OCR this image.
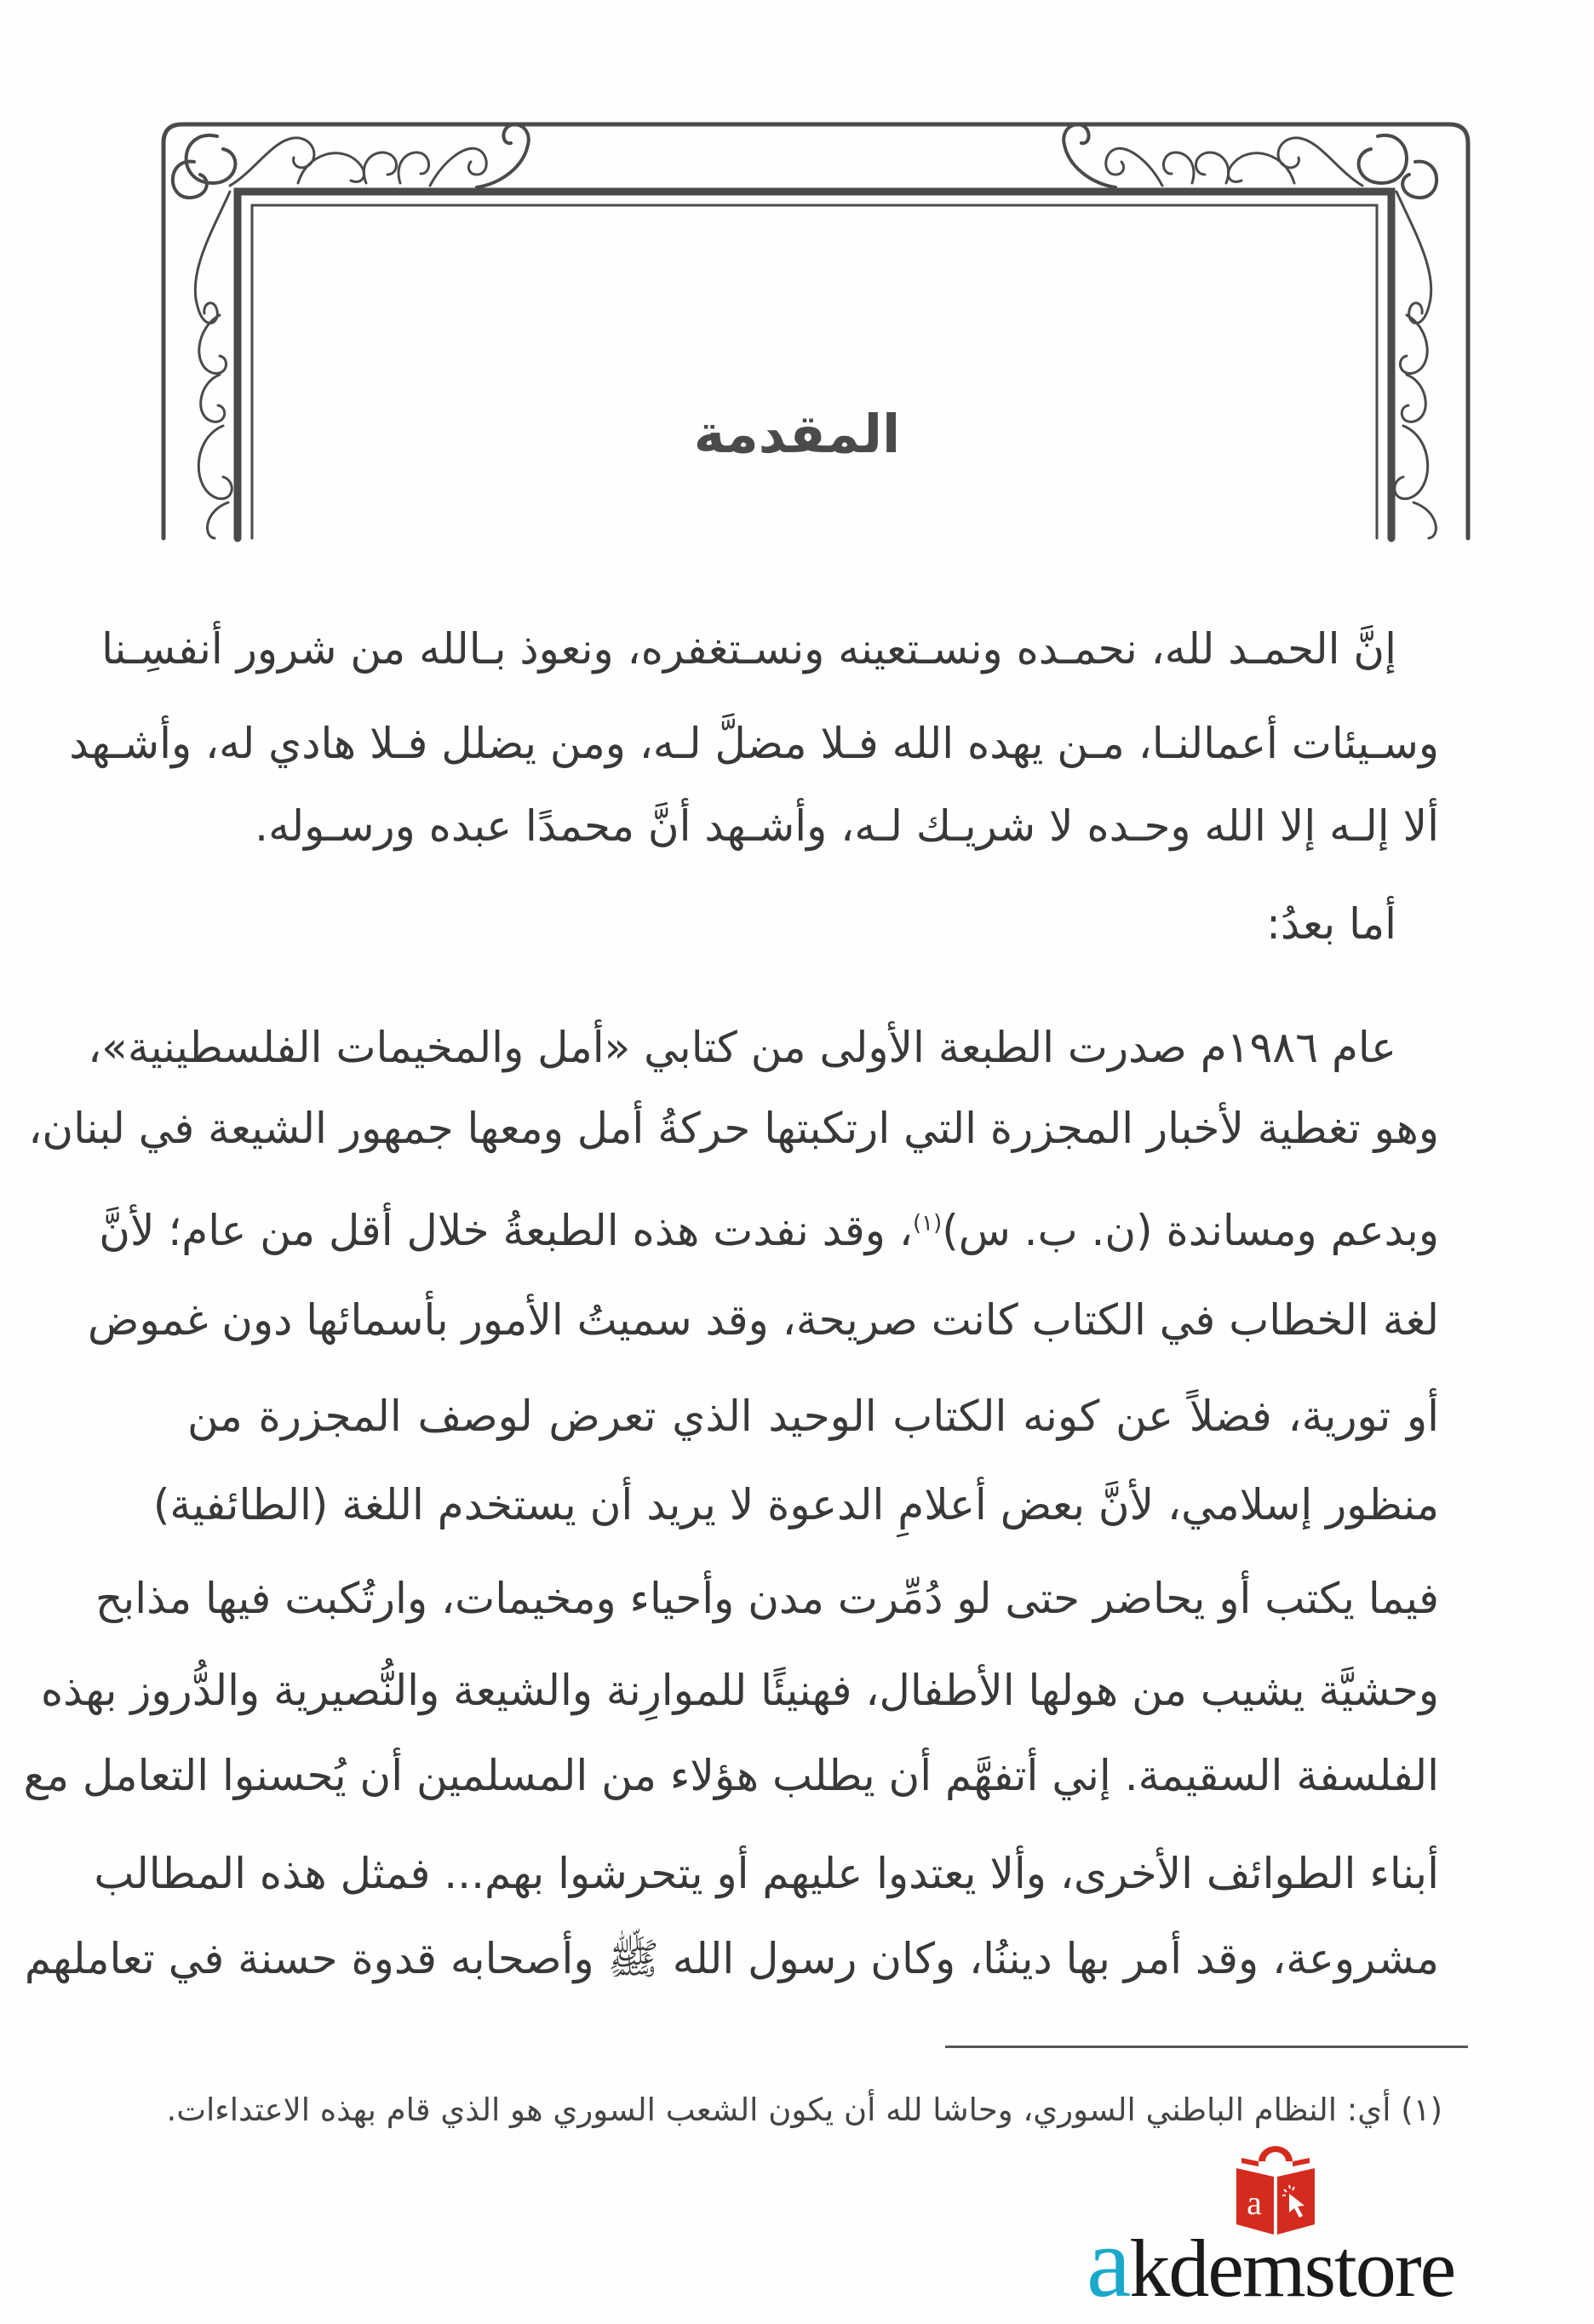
المقدمة
إنَّ الحمـد لله، نحمـده ونسـتعينه ونسـتغفره، ونعوذ بـالله من شرور أنفسِـنا
وسـيئات أعمالنـا، مـن يهده الله فـلا مضلَّ لـه، ومن يضلل فـلا هادي له، وأشـهد
ألا إلـه إلا الله وحـده لا شريـك لـه، وأشـهد أنَّ محمدًا عبده ورسـوله.
أما بعدُ:
عام ١٩٨٦م صدرت الطبعة الأولى من كتابي «أمل والمخيمات الفلسطينية»،
وهو تغطية لأخبار المجزرة التي ارتكبتها حركةُ أمل ومعها جمهور الشيعة في لبنان،
وبدعم ومساندة (ن. ب. س)$^{(١)}$، وقد نفدت هذه الطبعةُ خلال أقل من عام؛ لأنَّ
لغة الخطاب في الكتاب كانت صريحة، وقد سميتُ الأمور بأسمائها دون غموض
أو تورية، فضلاً عن كونه الكتاب الوحيد الذي تعرض لوصف المجزرة من
منظور إسلامي، لأنَّ بعض أعلامِ الدعوة لا يريد أن يستخدم اللغة (الطائفية)
فيما يكتب أو يحاضر حتى لو دُمِّرت مدن وأحياء ومخيمات، وارتُكبت فيها مذابح
وحشيَّة يشيب من هولها الأطفال، فهنيئًا للموارِنة والشيعة والنُّصيرية والدُّروز بهذه
الفلسفة السقيمة. إني أتفهَّم أن يطلب هؤلاء من المسلمين أن يُحسنوا التعامل مع
أبناء الطوائف الأخرى، وألا يعتدوا عليهم أو يتحرشوا بهم... فمثل هذه المطالب
مشروعة، وقد أمر بها ديننُا، وكان رسول الله ﷺ وأصحابه قدوة حسنة في تعاملهم
(١) أي: النظام الباطني السوري، وحاشا لله أن يكون الشعب السوري هو الذي قام بهذه الاعتداءات.
a
akdemstore
